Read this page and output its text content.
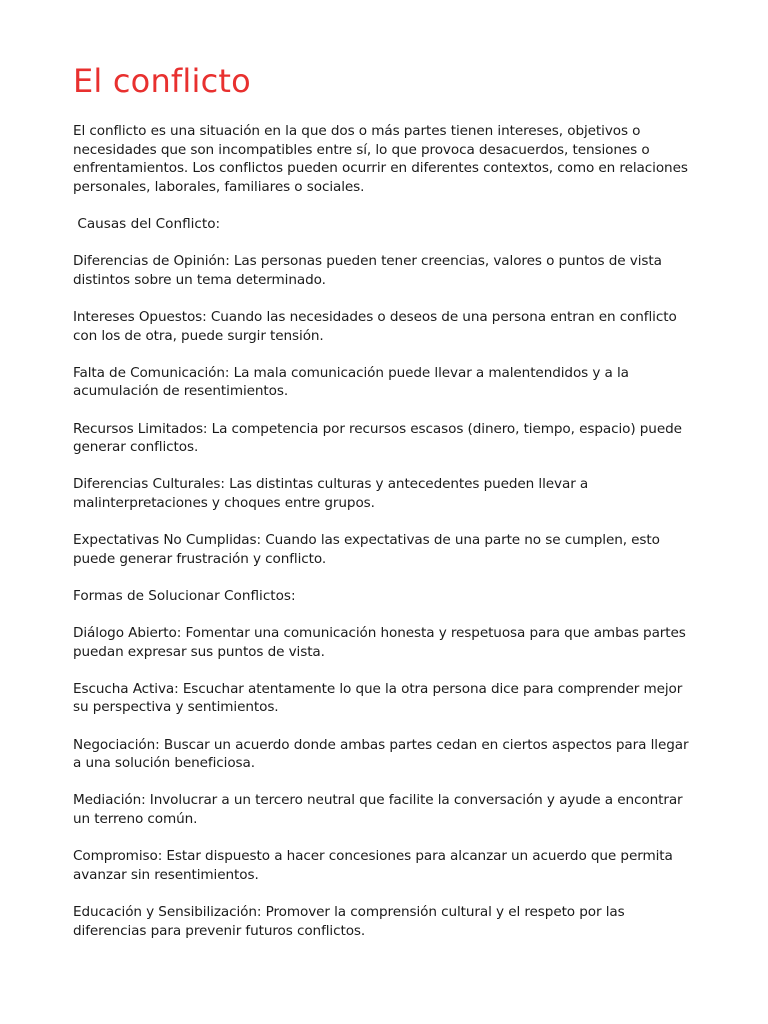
El conflicto

El conflicto es una situación en la que dos o más partes tienen intereses, objetivos o necesidades que son incompatibles entre sí, lo que provoca desacuerdos, tensiones o enfrentamientos. Los conflictos pueden ocurrir en diferentes contextos, como en relaciones personales, laborales, familiares o sociales.

Causas del Conflicto:

Diferencias de Opinión: Las personas pueden tener creencias, valores o puntos de vista distintos sobre un tema determinado.

Intereses Opuestos: Cuando las necesidades o deseos de una persona entran en conflicto con los de otra, puede surgir tensión.

Falta de Comunicación: La mala comunicación puede llevar a malentendidos y a la acumulación de resentimientos.

Recursos Limitados: La competencia por recursos escasos (dinero, tiempo, espacio) puede generar conflictos.

Diferencias Culturales: Las distintas culturas y antecedentes pueden llevar a malinterpretaciones y choques entre grupos.

Expectativas No Cumplidas: Cuando las expectativas de una parte no se cumplen, esto puede generar frustración y conflicto.

Formas de Solucionar Conflictos:

Diálogo Abierto: Fomentar una comunicación honesta y respetuosa para que ambas partes puedan expresar sus puntos de vista.

Escucha Activa: Escuchar atentamente lo que la otra persona dice para comprender mejor su perspectiva y sentimientos.

Negociación: Buscar un acuerdo donde ambas partes cedan en ciertos aspectos para llegar a una solución beneficiosa.

Mediación: Involucrar a un tercero neutral que facilite la conversación y ayude a encontrar un terreno común.

Compromiso: Estar dispuesto a hacer concesiones para alcanzar un acuerdo que permita avanzar sin resentimientos.

Educación y Sensibilización: Promover la comprensión cultural y el respeto por las diferencias para prevenir futuros conflictos.
